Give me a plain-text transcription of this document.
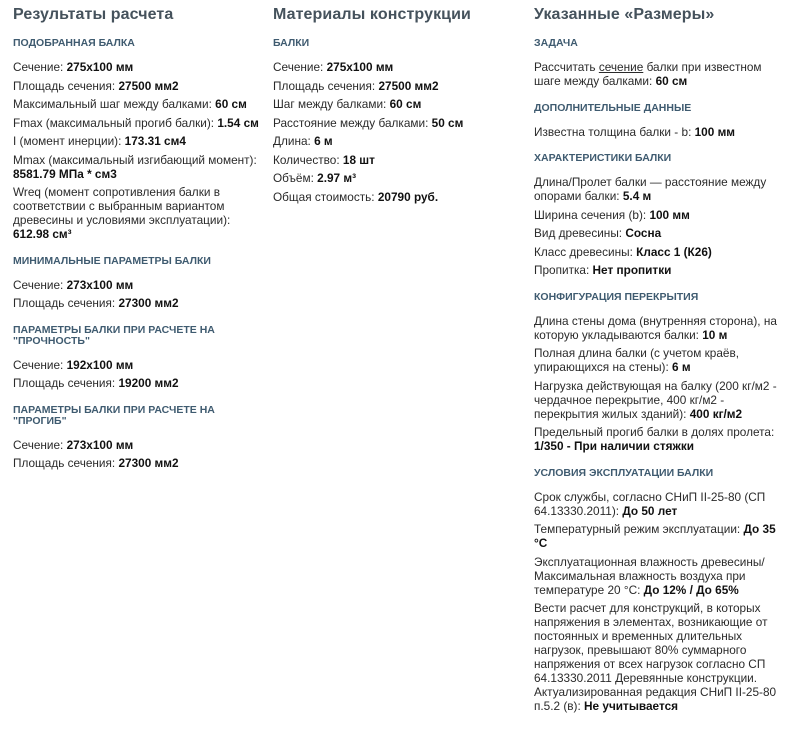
Результаты расчета
ПОДОБРАННАЯ БАЛКА
Сечение: 275x100 мм
Площадь сечения: 27500 мм2
Максимальный шаг между балками: 60 см
Fmax (максимальный прогиб балки): 1.54 см
I (момент инерции): 173.31 см4
Mmax (максимальный изгибающий момент): 8581.79 МПа * см3
Wreq (момент сопротивления балки в соответствии с выбранным вариантом древесины и условиями эксплуатации): 612.98 см³
МИНИМАЛЬНЫЕ ПАРАМЕТРЫ БАЛКИ
Сечение: 273x100 мм
Площадь сечения: 27300 мм2
ПАРАМЕТРЫ БАЛКИ ПРИ РАСЧЕТЕ НА "ПРОЧНОСТЬ"
Сечение: 192x100 мм
Площадь сечения: 19200 мм2
ПАРАМЕТРЫ БАЛКИ ПРИ РАСЧЕТЕ НА "ПРОГИБ"
Сечение: 273x100 мм
Площадь сечения: 27300 мм2
Материалы конструкции
БАЛКИ
Сечение: 275x100 мм
Площадь сечения: 27500 мм2
Шаг между балками: 60 см
Расстояние между балками: 50 см
Длина: 6 м
Количество: 18 шт
Объём: 2.97 м³
Общая стоимость: 20790 руб.
Указанные «Размеры»
ЗАДАЧА
Рассчитать сечение балки при известном шаге между балками: 60 см
ДОПОЛНИТЕЛЬНЫЕ ДАННЫЕ
Известна толщина балки - b: 100 мм
ХАРАКТЕРИСТИКИ БАЛКИ
Длина/Пролет балки — расстояние между опорами балки: 5.4 м
Ширина сечения (b): 100 мм
Вид древесины: Сосна
Класс древесины: Класс 1 (К26)
Пропитка: Нет пропитки
КОНФИГУРАЦИЯ ПЕРЕКРЫТИЯ
Длина стены дома (внутренняя сторона), на которую укладываются балки: 10 м
Полная длина балки (с учетом краёв, упирающихся на стены): 6 м
Нагрузка действующая на балку (200 кг/м2 - чердачное перекрытие, 400 кг/м2 - перекрытия жилых зданий): 400 кг/м2
Предельный прогиб балки в долях пролета: 1/350 - При наличии стяжки
УСЛОВИЯ ЭКСПЛУАТАЦИИ БАЛКИ
Срок службы, согласно СНиП II-25-80 (СП 64.13330.2011): До 50 лет
Температурный режим эксплуатации: До 35 °С
Эксплуатационная влажность древесины/ Максимальная влажность воздуха при температуре 20 °С: До 12% / До 65%
Вести расчет для конструкций, в которых напряжения в элементах, возникающие от постоянных и временных длительных нагрузок, превышают 80% суммарного напряжения от всех нагрузок согласно СП 64.13330.2011 Деревянные конструкции. Актуализированная редакция СНиП II-25-80 п.5.2 (в): Не учитывается
